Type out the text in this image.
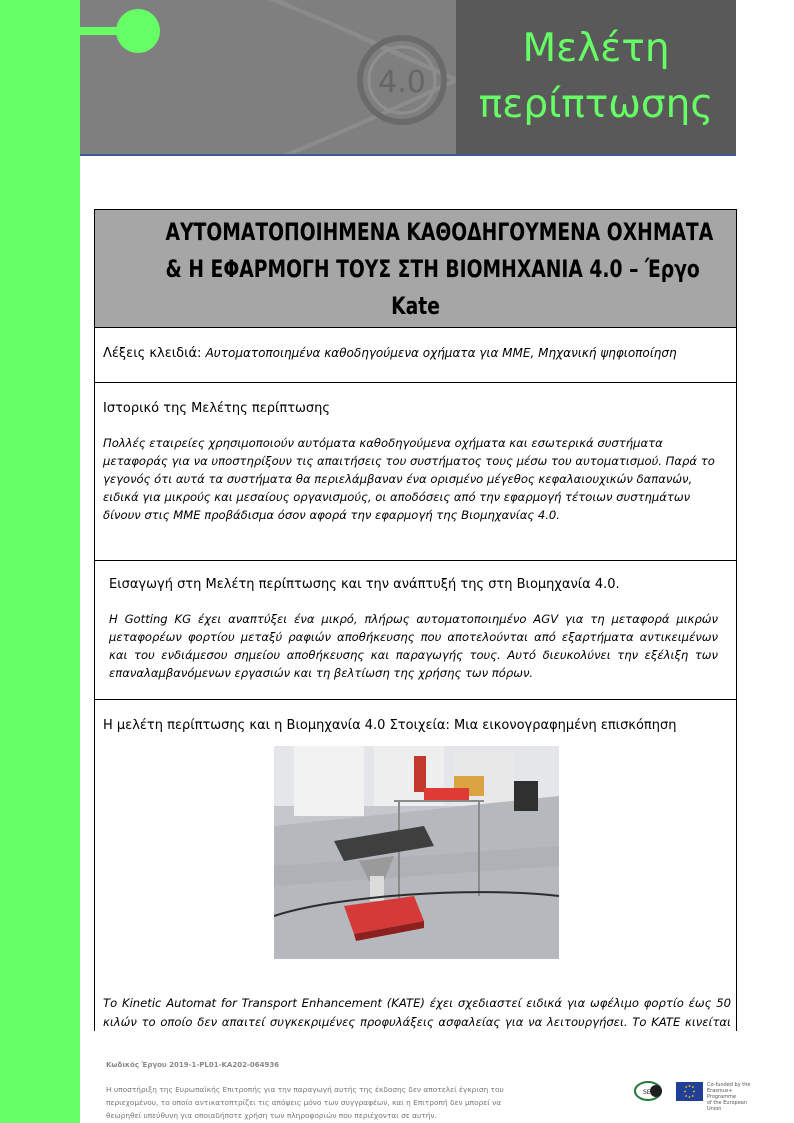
4.0
Μελέτη
περίπτωσης
ΑΥΤΟΜΑΤΟΠΟΙΗΜΕΝΑ ΚΑΘΟΔΗΓΟΥΜΕΝΑ ΟΧΗΜΑΤΑ
& Η ΕΦΑΡΜΟΓΗ ΤΟΥΣ ΣΤΗ ΒΙΟΜΗΧΑΝΙΑ 4.0 – Έργο
Kate
Λέξεις κλειδιά: Αυτοματοποιημένα καθοδηγούμενα οχήματα για ΜΜΕ, Μηχανική ψηφιοποίηση
Ιστορικό της Μελέτης περίπτωσης
Πολλές εταιρείες χρησιμοποιούν αυτόματα καθοδηγούμενα οχήματα και εσωτερικά συστήματα
μεταφοράς για να υποστηρίξουν τις απαιτήσεις του συστήματος τους μέσω του αυτοματισμού. Παρά το
γεγονός ότι αυτά τα συστήματα θα περιελάμβαναν ένα ορισμένο μέγεθος κεφαλαιουχικών δαπανών,
ειδικά για μικρούς και μεσαίους οργανισμούς, οι αποδόσεις από την εφαρμογή τέτοιων συστημάτων
δίνουν στις ΜΜΕ προβάδισμα όσον αφορά την εφαρμογή της Βιομηχανίας 4.0.
Εισαγωγή στη Μελέτη περίπτωσης και την ανάπτυξή της στη Βιομηχανία 4.0.
Η Gotting KG έχει αναπτύξει ένα μικρό, πλήρως αυτοματοποιημένο AGV για τη μεταφορά μικρών μεταφορέων φορτίου μεταξύ ραφιών αποθήκευσης που αποτελούνται από εξαρτήματα αντικειμένων και του ενδιάμεσου σημείου αποθήκευσης και παραγωγής τους. Αυτό διευκολύνει την εξέλιξη των επαναλαμβανόμενων εργασιών και τη βελτίωση της χρήσης των πόρων.
Η μελέτη περίπτωσης και η Βιομηχανία 4.0 Στοιχεία: Μια εικονογραφημένη επισκόπηση
Το Kinetic Automat for Transport Enhancement (KATE) έχει σχεδιαστεί ειδικά για ωφέλιμο φορτίο έως 50
κιλών το οποίο δεν απαιτεί συγκεκριμένες προφυλάξεις ασφαλείας για να λειτουργήσει. Το KATE κινείται
Κωδικός Έργου 2019-1-PL01-KA202-064936
Η υποστήριξη της Ευρωπαϊκής Επιτροπής για την παραγωγή αυτής της έκδοσης δεν αποτελεί έγκριση του
περιεχομένου, το οποίο αντικατοπτρίζει τις απόψεις μόνο των συγγραφέων, και η Επιτροπή δεν μπορεί να
θεωρηθεί υπεύθυνη για οποιαδήποτε χρήση των πληροφοριών που περιέχονται σε αυτήν.
SEE
Co-funded by the
Erasmus+ Programme
of the European Union
